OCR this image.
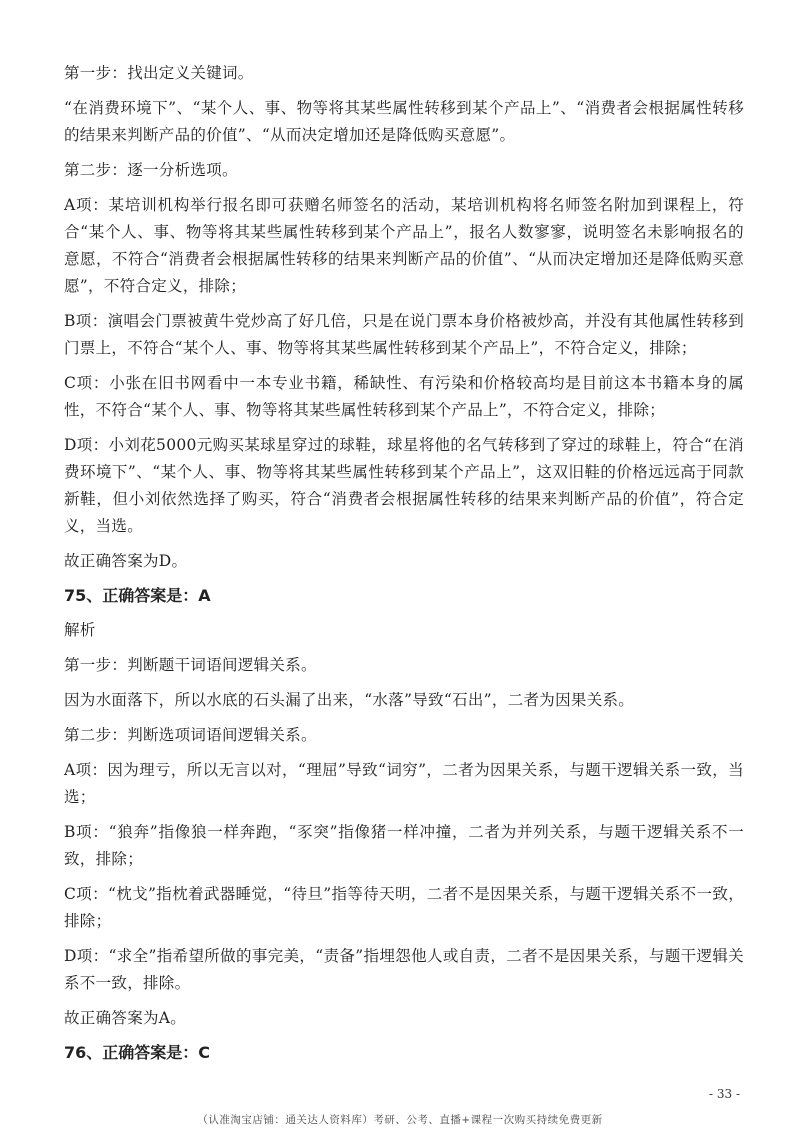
第一步：找出定义关键词。

“在消费环境下”、“某个人、事、物等将其某些属性转移到某个产品上”、“消费者会根据属性转移的结果来判断产品的价值”、“从而决定增加还是降低购买意愿”。

第二步：逐一分析选项。

A项：某培训机构举行报名即可获赠名师签名的活动，某培训机构将名师签名附加到课程上，符合“某个人、事、物等将其某些属性转移到某个产品上”，报名人数寥寥，说明签名未影响报名的意愿，不符合“消费者会根据属性转移的结果来判断产品的价值”、“从而决定增加还是降低购买意愿”，不符合定义，排除；

B项：演唱会门票被黄牛党炒高了好几倍，只是在说门票本身价格被炒高，并没有其他属性转移到门票上，不符合“某个人、事、物等将其某些属性转移到某个产品上”，不符合定义，排除；

C项：小张在旧书网看中一本专业书籍，稀缺性、有污染和价格较高均是目前这本书籍本身的属性，不符合“某个人、事、物等将其某些属性转移到某个产品上”，不符合定义，排除；

D项：小刘花5000元购买某球星穿过的球鞋，球星将他的名气转移到了穿过的球鞋上，符合“在消费环境下”、“某个人、事、物等将其某些属性转移到某个产品上”，这双旧鞋的价格远远高于同款新鞋，但小刘依然选择了购买，符合“消费者会根据属性转移的结果来判断产品的价值”，符合定义，当选。

故正确答案为D。

75、正确答案是：A

解析

第一步：判断题干词语间逻辑关系。

因为水面落下，所以水底的石头漏了出来，“水落”导致“石出”，二者为因果关系。

第二步：判断选项词语间逻辑关系。

A项：因为理亏，所以无言以对，“理屈”导致“词穷”，二者为因果关系，与题干逻辑关系一致，当选；

B项：“狼奔”指像狼一样奔跑，“豕突”指像猪一样冲撞，二者为并列关系，与题干逻辑关系不一致，排除；

C项：“枕戈”指枕着武器睡觉，“待旦”指等待天明，二者不是因果关系，与题干逻辑关系不一致，排除；

D项：“求全”指希望所做的事完美，“责备”指埋怨他人或自责，二者不是因果关系，与题干逻辑关系不一致，排除。

故正确答案为A。

76、正确答案是：C

- 33 -
（认准淘宝店铺：通关达人资料库）考研、公考、直播+课程一次购买持续免费更新
